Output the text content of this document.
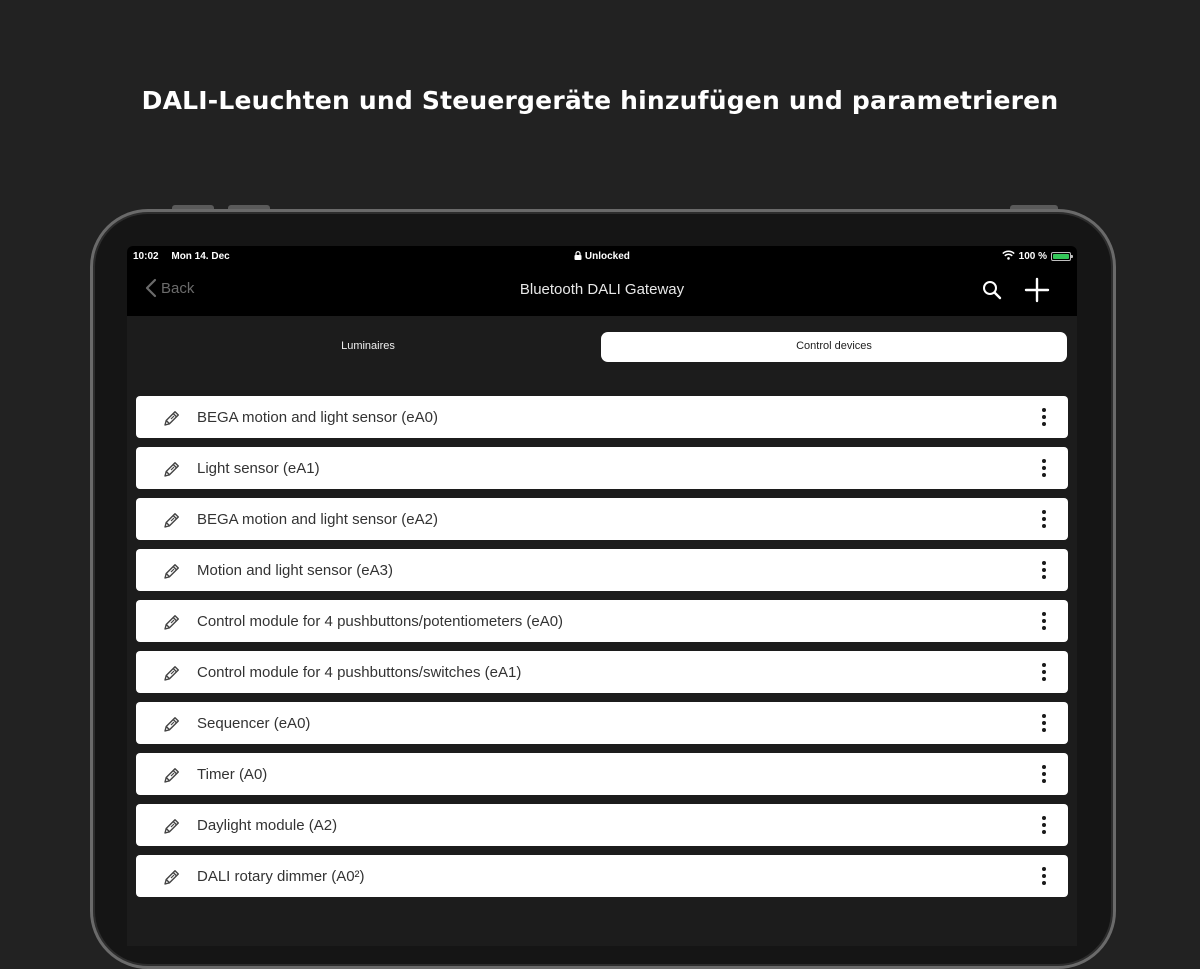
DALI-Leuchten und Steuergeräte hinzufügen und parametrieren
10:02 Mon 14. Dec	Unlocked	100 %
Back	Bluetooth DALI Gateway
Luminaires	Control devices
BEGA motion and light sensor (eA0)
Light sensor (eA1)
BEGA motion and light sensor (eA2)
Motion and light sensor (eA3)
Control module for 4 pushbuttons/potentiometers (eA0)
Control module for 4 pushbuttons/switches (eA1)
Sequencer (eA0)
Timer (A0)
Daylight module (A2)
DALI rotary dimmer (A0²)
